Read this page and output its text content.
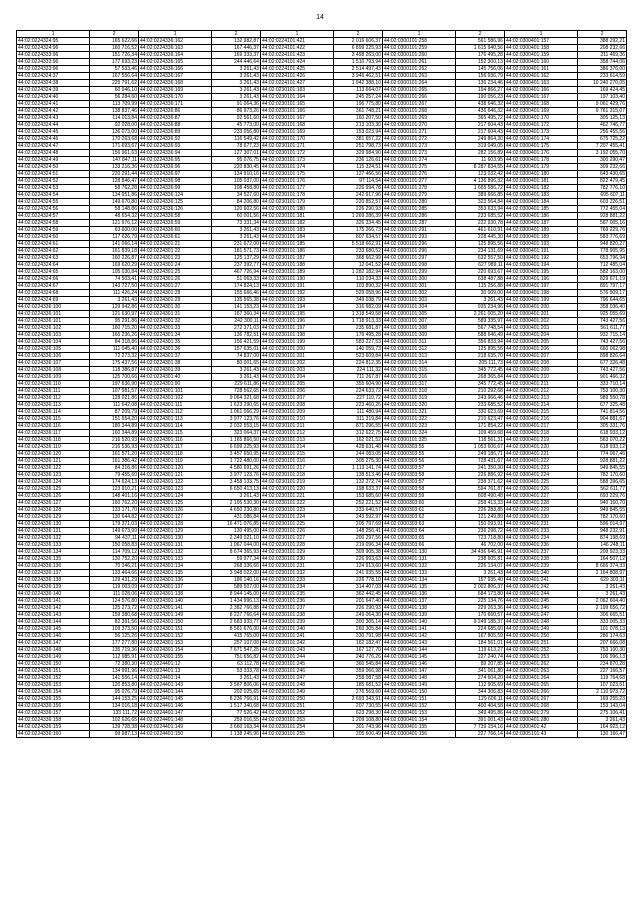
14
1	2	1	2	1	2	1	2	1	2
44:02:0224324:95	165 622,66	44:02:0224336:162	132 982,87	44:02:0224101:421	2 016 606,37	44:02:0300101:258	561 586,96	44:02:0300401:157	388 292,21
44:02:0224324:96	160 716,52	44:02:0224336:163	167 446,37	44:02:0224101:422	6 899 225,93	44:02:0300101:259	1 615 940,56	44:02:0300401:158	208 232,66
44:02:0224333:96	151 726,34	44:02:0224336:164	169 333,37	44:02:0224101:423	3 498 263,00	44:02:0300101:260	176 495,28	44:02:0300401:159	211 469,36
44:02:0224333:96	177 693,23	44:02:0224336:165	244 446,64	44:02:0224101:424	1 510 793,94	44:02:0300101:261	152 300,13	44:02:0300401:160	358 744,06
44:02:0224333:96	57 533,46	44:02:0224336:166	3 261,43	44:02:0224101:425	2 514 497,43	44:02:0300101:262	145 756,06	44:02:0300401:161	386 376,00
44:02:0224324:37	167 556,64	44:02:0224336:167	3 261,43	44:02:0224101:426	3 946 462,51	44:02:0300101:263	156 936,79	44:02:0300401:162	233 614,59
44:02:0224324:38	225 791,62	44:02:0224336:168	3 261,43	44:02:0224101:427	1 942 388,10	44:02:0300101:264	136 234,46	44:02:0300401:163	10 240 270,05
44:02:0224324:39	60 946,10	44:02:0224336:169	3 261,43	44:02:0230101:163	113 664,07	44:02:0300101:265	194 866,27	44:02:0300401:166	169 424,45
44:02:0224324:40	56 284,60	44:02:0224336:170	3 261,43	44:02:0230101:164	245 257,24	44:02:0300101:266	190 056,23	44:02:0300401:167	197 103,40
44:02:0224324:41	113 709,99	44:02:0224336:171	91 064,36	44:02:0230101:165	196 775,80	44:02:0300101:267	438 646,32	44:02:0300401:168	9 061 429,76
44:02:0224324:42	138 837,46	44:02:0224336:86	86 973,26	44:02:0230101:166	361 748,21	44:02:0300101:268	436 646,32	44:02:0300401:169	9 761 315,07
44:02:0224324:43	114 013,84	44:02:0224336:87	92 561,60	44:02:0230101:167	160 207,50	44:02:0300101:269	365 495,72	44:02:0300401:170	305 125,13
44:02:0224324:44	92 028,00	44:02:0224336:88	45 773,00	44:02:0230101:168	213 103,30	44:02:0300101:270	217 604,43	44:02:0300401:172	462 746,77
44:02:0224324:45	136 073,00	44:02:0224336:89	233 056,80	44:02:0230101:169	153 023,94	44:02:0300101:271	217 604,43	44:02:0300401:173	256 455,56
44:02:0224324:46	170 263,68	44:02:0224336:92	116 549,42	44:02:0230101:170	381 657,22	44:02:0300101:272	249 864,30	44:02:0300401:174	675 725,22
44:02:0224324:47	171 693,67	44:02:0224336:93	78 677,23	44:02:0230101:171	251 798,73	44:02:0300101:273	319 049,05	44:02:0300401:175	7 207 455,41
44:02:0224324:48	156 961,63	44:02:0224336:94	127 307,01	44:02:0230101:172	329 984,90	44:02:0300101:273	282 156,89	44:02:0300401:176	3 192 055,70
44:02:0224324:49	147 847,11	44:02:0224336:95	95 076,75	44:02:0230101:173	236 126,61	44:02:0300101:274	11 603,95	44:02:0300401:178	300 290,47
44:02:0224324:50	133 216,36	44:02:0224336:96	220 830,45	44:02:0230101:174	115 324,51	44:02:0300101:275	8 287 834,55	44:02:0300401:179	309 232,66
44:02:0224324:51	220 291,44	44:02:0224336:97	134 910,16	44:02:0230101:175	127 466,56	44:02:0300101:276	123 032,42	44:02:0300401:180	643 430,65
44:02:0224324:52	128 846,47	44:02:0224336:98	105 037,00	44:02:0230101:176	97 114,54	44:02:0300101:277	4 136 896,32	44:02:0300401:181	822 479,45
44:02:0224324:53	58 762,28	44:02:0224336:99	108 458,80	44:02:0230101:177	226 994,78	44:02:0300101:278	1 665 586,72	44:02:0300401:182	782 776,10
44:02:0224324:54	134 951,86	44:02:0224336:124	34 527,60	44:02:0230101:178	242 917,96	44:02:0300101:279	389 666,85	44:02:0300401:183	695 607,11
44:02:0224324:55	149 670,80	44:02:0224336:125	84 206,80	44:02:0230101:179	220 852,57	44:02:0300101:280	323 564,84	44:02:0300401:184	603 226,51
44:02:0224324:56	58 148,86	44:02:0224336:126	120 602,56	44:02:0230101:180	226 290,93	44:02:0300101:285	353 633,94	44:02:0300401:185	772 455,04
44:02:0224324:57	48 654,32	44:02:0224336:58	60 001,56	44:02:0230101:181	1 269 286,39	44:02:0300101:286	233 685,52	44:02:0300401:186	928 881,22
44:02:0224324:58	121 976,12	44:02:0224336:59	73 331,34	44:02:0230101:182	326 334,45	44:02:0300101:287	222 930,78	44:02:0300401:187	567 005,16
44:02:0224324:59	63 600,00	44:02:0224336:60	3 261,43	44:02:0230101:183	175 266,73	44:02:0300101:291	461 610,91	44:02:0300401:189	769 229,76
44:02:0224324:60	117 626,79	44:02:0224336:61	3 261,43	44:02:0230101:184	807 634,57	44:02:0300101:293	228 445,30	44:02:0300401:189	583 776,69
44:02:0224324:61	141 066,14	44:02:0224301:21	231 672,00	44:02:0230101:185	5 518 662,91	44:02:0300101:296	125 895,56	44:02:0300401:193	948 820,27
44:02:0224324:62	161 839,18	44:02:0224301:22	181 571,73	44:02:0230101:186	233 680,52	44:02:0300101:296	234 131,69	44:02:0300401:191	778 905,95
44:02:0224324:63	160 226,87	44:02:0224301:23	125 137,29	44:02:0230101:187	368 662,99	44:02:0300101:297	632 557,50	44:02:0300401:192	653 796,94
44:02:0224324:64	169 620,29	44:02:0224301:24	237 392,77	44:02:0230101:188	12 041,52	44:02:0300101:298	627 989,11	44:02:0300401:194	712 485,04
44:02:0224324:65	105 030,84	44:02:0224301:25	467 726,94	44:02:0230101:189	1 282 182,94	44:02:0300101:299	220 693,67	44:02:0300401:195	582 163,00
44:02:0224324:66	74 503,41	44:02:0224301:26	51 063,33	44:02:0230101:190	110 034,33	44:02:0300101:300	638 487,88	44:02:0300401:196	829 671,19
44:02:0224324:67	143 727,50	44:02:0224301:27	174 824,13	44:02:0230101:191	103 890,32	44:02:0300101:301	115 256,88	44:02:0300401:197	891 797,17
44:02:0224324:68	111 426,24	44:02:0224301:28	155 666,46	44:02:0230101:192	529 058,96	44:02:0300101:302	30 009,00	44:02:0300401:198	576 909,17
44:02:0224324:69	3 261,43	44:02:0224301:29	135 565,38	44:02:0230101:193	349 038,79	44:02:0300101:303	3 261,43	44:02:0300401:199	796 644,65
44:02:0224336:100	129 942,86	44:02:0224301:30	141 153,23	44:02:0230101:194	316 682,09	44:02:0300101:304	935 234,96	44:02:0300401:200	358 036,40
44:02:0224336:101	121 630,97	44:02:0224301:31	167 360,34	44:02:0230101:195	1 318 549,58	44:02:0300101:305	2 261 005,20	44:02:0300401:201	925 055,69
44:02:0224336:101	95 291,86	44:02:0224301:32	242 300,11	44:02:0230101:196	1 718 913,33	44:02:0300101:307	589 335,97	44:02:0300401:202	743 427,56
44:02:0224336:102	160 715,20	44:02:0224301:33	272 371,03	44:02:0230101:197	235 681,87	44:02:0300101:308	567 748,54	44:02:0300401:203	561 611,77
44:02:0224336:103	166 236,26	44:02:0224301:34	136 782,51	44:02:0230101:198	176 495,28	44:02:0300101:309	588 646,49	44:02:0300401:204	932 715,14
44:02:0224336:104	84 318,86	44:02:0224301:35	156 421,59	44:02:0230101:199	583 227,53	44:02:0300101:311	356 833,94	44:02:0300401:205	743 427,56
44:02:0224336:105	111 045,40	44:02:0224301:36	157 635,01	44:02:0230101:200	140 059,73	44:02:0300101:312	125 895,56	44:02:0300401:206	660 062,98
44:02:0224336:106	72 273,32	44:02:0224301:37	74 837,00	44:02:0230101:201	523 609,84	44:02:0300101:313	218 635,70	44:02:0300401:207	898 826,64
44:02:0224336:107	175 437,56	44:02:0224301:38	80 001,65	44:02:0230101:202	224 812,35	44:02:0300101:314	205 111,73	44:02:0300401:208	677 326,48
44:02:0224336:108	118 386,87	44:02:0224301:39	3 261,43	44:02:0230101:203	224 111,32	44:02:0300101:315	345 772,45	44:02:0300401:209	743 427,56
44:02:0224336:109	125 700,66	44:02:0224301:40	3 261,43	44:02:0230101:204	711 267,87	44:02:0300101:316	268 365,84	44:02:0300401:210	901 466,32
44:02:0224336:110	197 636,90	44:02:0224301:90	229 611,86	44:02:0230101:205	355 604,90	44:02:0300101:317	345 772,45	44:02:0300401:211	333 710,14
44:02:0224336:111	107 981,57	44:02:0224301:101	728 562,65	44:02:0230101:206	224 633,72	44:02:0300101:318	210 292,68	44:02:0300401:212	753 100,30
44:02:0224336:112	128 021,86	44:02:0224301:102	9 064 321,68	44:02:0230101:207	227 110,72	44:02:0300101:319	243 966,46	44:02:0300401:213	989 550,78
44:02:0224336:113	111 642,08	44:02:0224301:111	1 623 290,65	44:02:0230101:208	223 460,26	44:02:0300101:320	233 685,52	44:02:0300401:214	677 325,48
44:02:0224336:114	87 209,79	44:02:0224301:112	1 061 066,29	44:02:0230101:209	111 480,94	44:02:0300101:321	330 623,69	44:02:0300401:215	741 814,56
44:02:0224336:115	151 654,20	44:02:0224301:113	3 977 123,76	44:02:0230101:210	311 319,84	44:02:0300101:322	210 623,47	44:02:0300401:216	904 881,67
44:02:0224336:116	180 344,89	44:02:0224301:114	2 032 553,15	44:02:0230101:211	871 296,55	44:02:0300101:323	171 854,22	44:02:0300401:217	305 331,76
44:02:0224336:117	160 344,89	44:02:0224301:115	323 064,37	44:02:0230101:212	312 622,75	44:02:0300101:324	109 459,68	44:02:0300401:218	618 933,12
44:02:0224336:118	216 520,93	44:02:0224301:116	1 165 866,50	44:02:0230101:213	162 021,52	44:02:0300101:325	118 561,31	44:02:0300401:219	563 070,22
44:02:0224336:119	216 536,93	44:02:0224301:117	6 699 225,93	44:02:0230101:214	428 631,40	44:02:0300303:55	1 053 606,67	44:02:0300401:220	618 933,12
44:02:0224336:120	161 571,20	44:02:0224301:118	3 457 650,95	44:02:0230101:215	244 083,05	44:02:0300303:55	249 186,71	44:02:0300401:221	774 067,46
44:02:0224336:121	161 386,42	44:02:0224301:119	1 722 480,00	44:02:0230101:216	305 275,30	44:02:0300303:56	728 431,67	44:02:0300401:222	928 881,22
44:02:0224336:122	84 316,86	44:02:0224301:120	4 580 691,26	44:02:0230101:217	1 113 141,74	44:02:0300303:57	241 350,30	44:02:0300401:223	949 845,55
44:02:0224336:123	79 455,60	44:02:0224301:121	3 977 123,76	44:02:0230101:218	138 513,46	44:02:0300303:58	226 886,92	44:02:0300401:224	782 170,60
44:02:0224336:124	174 624,13	44:02:0224301:122	3 458 133,75	44:02:0230101:219	132 272,74	44:02:0300303:57	238 371,62	44:02:0300401:225	588 396,65
44:02:0224336:125	123 910,21	44:02:0224301:123	6 650 413,13	44:02:0230101:220	198 633,37	44:02:0300303:58	594 761,87	44:02:0300401:226	562 611,77
44:02:0224336:126	148 401,16	44:02:0224301:124	3 261,43	44:02:0230101:221	153 685,60	44:02:0300303:59	608 490,48	44:02:0300401:227	693 229,76
44:02:0224336:127	160 762,20	44:02:0224301:125	2 195 530,30	44:02:0230101:222	252 221,52	44:02:0300303:60	258 413,33	44:02:0300401:228	940 160,70
44:02:0224336:128	133 171,70	44:02:0224301:126	4 650 230,80	44:02:0230101:223	233 640,57	44:02:0300303:61	226 283,85	44:02:0300401:229	949 845,55
44:02:0224336:129	130 644,82	44:02:0224301:127	431 086,84	44:02:0230101:224	243 592,97	44:02:0300303:62	121 249,89	44:02:0300401:230	782 170,60
44:02:0224336:130	179 371,03	44:02:0224301:128	16 471 076,85	44:02:0230101:225	205 797,69	44:02:0300303:63	150 093,91	44:02:0300401:231	596 014,97
44:02:0224336:131	149 673,99	44:02:0224301:129	130 495,00	44:02:0230101:226	148 256,41	44:02:0300303:64	236 298,72	44:02:0300401:233	948 232,91
44:02:0224336:132	94 437,11	44:02:0224301:130	2 349 021,10	44:02:0230101:227	200 297,56	44:02:0300303:65	723 718,80	44:02:0300401:234	874 198,69
44:02:0224336:133	150 058,83	44:02:0224301:131	1 067 044,00	44:02:0230101:228	219 096,34	44:02:0300303:66	46 702,00	44:02:0300401:236	146 248,11
44:02:0224336:134	114 709,12	44:02:0224301:132	8 674 365,93	44:02:0230101:229	309 905,38	44:02:0300401:130	34 436 646,91	44:02:0300401:237	209 923,33
44:02:0224336:135	130 752,20	44:02:0224301:133	59 977,34	44:02:0230101:230	226 993,63	44:02:0300401:131	238 605,81	44:02:0300401:238	164 507,12
44:02:0224336:136	70 346,21	44:02:0224301:134	268 336,66	44:02:0230101:231	124 913,60	44:02:0300401:132	226 134,07	44:02:0300401:239	8 666 374,33
44:02:0224336:137	133 464,66	44:02:0224301:135	3 948 022,00	44:02:0230101:232	241 935,55	44:02:0300401:133	3 261,43	44:02:0300401:240	2 164 808,97
44:02:0224336:138	129 431,29	44:02:0224301:136	186 140,16	44:02:0230101:233	226 778,10	44:02:0300401:134	157 935,40	44:02:0300401:241	629 303,11
44:02:0224336:139	119 003,09	44:02:0224301:137	589 507,00	44:02:0230101:234	314 407,03	44:02:0300401:135	2 002 806,37	44:02:0300401:242	3 261,43
44:02:0224336:140	111 028,06	44:02:0224301:138	8 944 145,00	44:02:0230101:235	362 442,45	44:02:0300401:136	684 173,80	44:02:0300401:244	3 261,43
44:02:0224336:141	124 576,80	44:02:0224301:140	1 434 996,13	44:02:0230101:236	201 647,40	44:02:0300401:137	225 134,76	44:02:0300401:245	2 062 604,40
44:02:0224336:142	125 273,72	44:02:0224301:141	2 382 766,88	44:02:0230101:237	226 290,93	44:02:0300401:138	229 263,36	44:02:0300401:246	2 199 656,72
44:02:0224336:143	159 380,68	44:02:0224301:149	8 227 766,64	44:02:0230101:238	249 064,30	44:02:0300401:139	170 660,57	44:02:0300401:247	306 665,51
44:02:0224336:144	82 391,56	44:02:0224301:150	2 683 933,77	44:02:0230101:239	300 305,14	44:02:0300401:140	9 249 185,37	44:02:0300401:248	333 005,33
44:02:0224336:145	109 373,50	44:02:0224301:151	8 561 676,00	44:02:0230101:240	260 305,84	44:02:0300401:141	224 685,60	44:02:0300401:249	101 078,13
44:02:0224336:146	56 125,26	44:02:0224301:152	415 765,00	44:02:0230101:241	330 791,98	44:02:0300401:142	167 805,59	44:02:0300401:250	286 174,63
44:02:0224336:147	177 277,80	44:02:0224301:153	257 107,00	44:02:0230101:242	162 182,47	44:02:0300401:143	184 561,01	44:02:0300401:251	207 666,08
44:02:0224336:148	135 719,36	44:02:0224301:154	7 671 547,25	44:02:0230101:243	167 127,70	44:02:0300401:144	119 613,27	44:02:0300401:252	753 100,30
44:02:0224336:149	112 985,91	44:02:0224301:155	751 656,82	44:02:0230101:244	240 776,26	44:02:0300401:145	227 240,74	44:02:0300401:253	106 996,13
44:02:0224336:150	72 380,30	44:02:0224401:12	63 112,78	44:02:0230101:245	360 545,84	44:02:0300401:146	89 207,85	44:02:0300401:262	234 870,28
44:02:0224336:151	134 991,96	44:02:0224401:13	53 333,78	44:02:0230101:246	359 066,98	44:02:0300401:147	341 061,80	44:02:0300401:263	227 166,57
44:02:0224336:152	141 556,14	44:02:0224401:14	3 261,43	44:02:0230101:247	258 087,58	44:02:0300401:148	274 604,20	44:02:0300401:264	119 764,68
44:02:0224336:153	120 853,80	44:02:0224401:143	3 567 806,06	44:02:0230101:248	185 681,52	44:02:0300401:149	112 905,69	44:02:0300401:265	107 023,61
44:02:0224336:154	95 076,79	44:02:0224401:144	202 025,65	44:02:0230101:249	276 569,60	44:02:0300401:150	344 306,83	44:02:0300401:266	2 110 973,72
44:02:0224336:155	144 153,25	44:02:0224401:145	8 236 766,91	44:02:0230101:250	2 693 343,91	44:02:0300401:151	129 606,11	44:02:0300401:267	169 255,23
44:02:0224336:156	134 016,18	44:02:0224401:146	1 517 340,68	44:02:0230101:251	207 730,55	44:02:0300401:152	400 404,58	44:02:0300401:268	153 143,04
44:02:0224336:157	133 111,72	44:02:0224401:147	77 526,42	44:02:0230101:252	623 298,30	44:02:0300401:153	349 495,86	44:02:0300401:279	275 106,41
44:02:0224336:158	102 626,65	44:02:0224401:148	259 016,55	44:02:0230101:253	1 209 108,80	44:02:0300401:154	391 001,43	44:02:0300401:280	3 261,43
44:02:0224336:159	139 728,38	44:02:0224401:149	3 660 163,34	44:02:0230101:254	301 743,96	44:02:0300401:155	7 739 154,16	44:02:0300401:42	164 923,12
44:02:0224336:160	99 987,13	44:02:0224401:150	1 138 245,96	44:02:0230101:255	205 600,49	44:02:0300401:156	227 766,14	44:02:0305101:43	130 166,47
